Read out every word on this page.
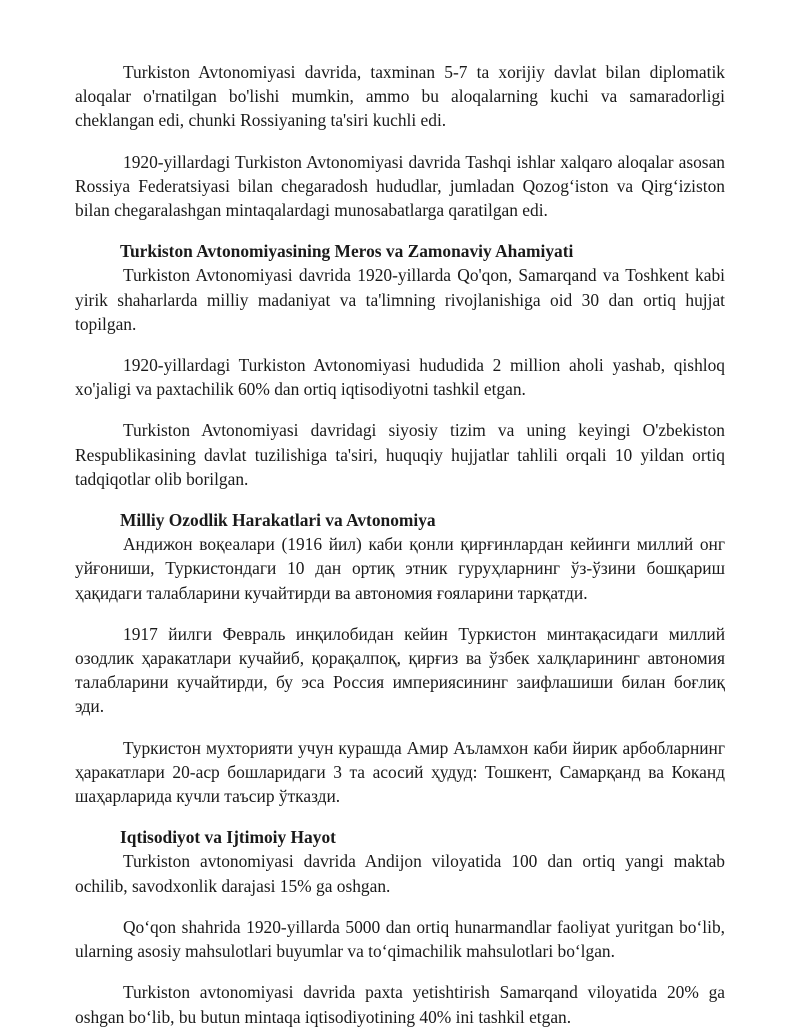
Turkiston Avtonomiyasi davrida, taxminan 5-7 ta xorijiy davlat bilan diplomatik aloqalar o'rnatilgan bo'lishi mumkin, ammo bu aloqalarning kuchi va samaradorligi cheklangan edi, chunki Rossiyaning ta'siri kuchli edi.

1920-yillardagi Turkiston Avtonomiyasi davrida Tashqi ishlar xalqaro aloqalar asosan Rossiya Federatsiyasi bilan chegaradosh hududlar, jumladan Qozogʻiston va Qirgʻiziston bilan chegaralashgan mintaqalardagi munosabatlarga qaratilgan edi.

Turkiston Avtonomiyasining Meros va Zamonaviy Ahamiyati

Turkiston Avtonomiyasi davrida 1920-yillarda Qo'qon, Samarqand va Toshkent kabi yirik shaharlarda milliy madaniyat va ta'limning rivojlanishiga oid 30 dan ortiq hujjat topilgan.

1920-yillardagi Turkiston Avtonomiyasi hududida 2 million aholi yashab, qishloq xo'jaligi va paxtachilik 60% dan ortiq iqtisodiyotni tashkil etgan.

Turkiston Avtonomiyasi davridagi siyosiy tizim va uning keyingi O'zbekiston Respublikasining davlat tuzilishiga ta'siri, huquqiy hujjatlar tahlili orqali 10 yildan ortiq tadqiqotlar olib borilgan.

Milliy Ozodlik Harakatlari va Avtonomiya

Андижон воқеалари (1916 йил) каби қонли қирғинлардан кейинги миллий онг уйғониши, Туркистондаги 10 дан ортиқ этник гуруҳларнинг ўз-ўзини бошқариш ҳақидаги талабларини кучайтирди ва автономия ғояларини тарқатди.

1917 йилги Февраль инқилобидан кейин Туркистон минтақасидаги миллий озодлик ҳаракатлари кучайиб, қорақалпоқ, қирғиз ва ўзбек халқларининг автономия талабларини кучайтирди, бу эса Россия империясининг заифлашиши билан боғлиқ эди.

Туркистон мухторияти учун курашда Амир Аъламхон каби йирик арбобларнинг ҳаракатлари 20-аср бошларидаги 3 та асосий ҳудуд: Тошкент, Самарқанд ва Коканд шаҳарларида кучли таъсир ўтказди.

Iqtisodiyot va Ijtimoiy Hayot

Turkiston avtonomiyasi davrida Andijon viloyatida 100 dan ortiq yangi maktab ochilib, savodxonlik darajasi 15% ga oshgan.

Qoʻqon shahrida 1920-yillarda 5000 dan ortiq hunarmandlar faoliyat yuritgan boʻlib, ularning asosiy mahsulotlari buyumlar va toʻqimachilik mahsulotlari boʻlgan.

Turkiston avtonomiyasi davrida paxta yetishtirish Samarqand viloyatida 20% ga oshgan boʻlib, bu butun mintaqa iqtisodiyotining 40% ini tashkil etgan.
